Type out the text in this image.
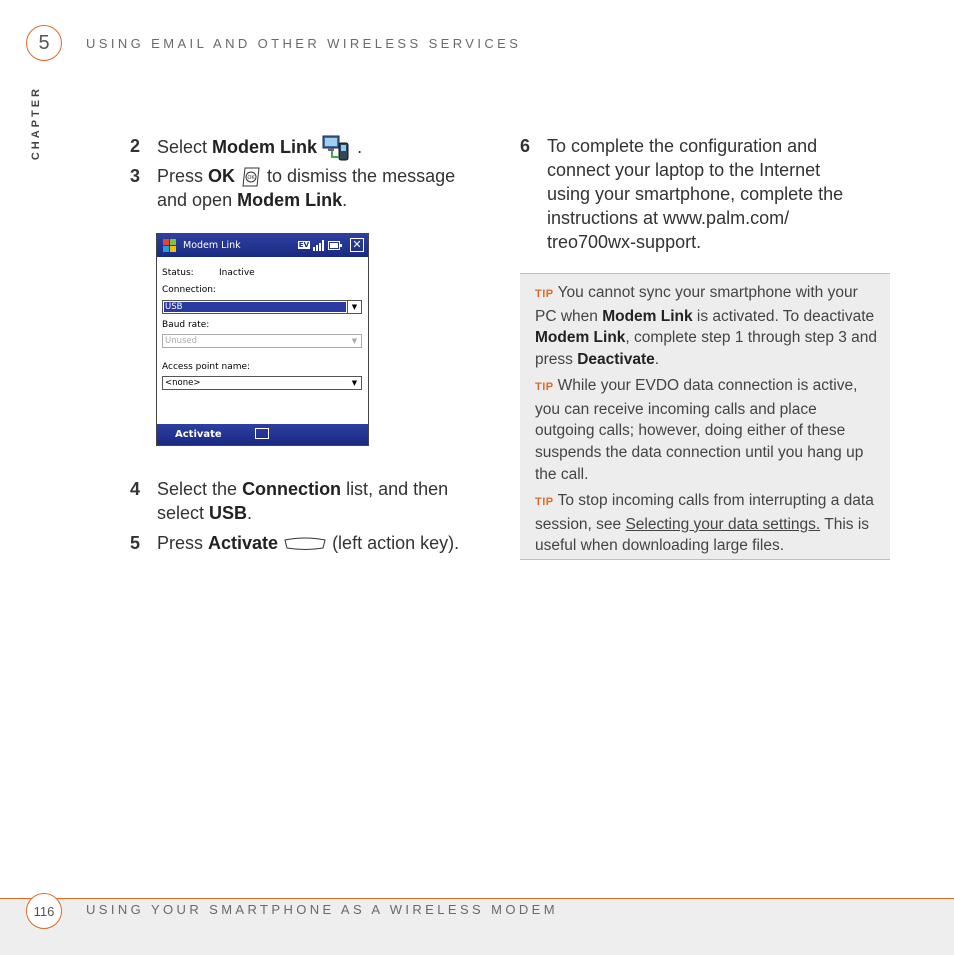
5	USING EMAIL AND OTHER WIRELESS SERVICES
CHAPTER	2 Select Modem Link  .
3 Press OK OK to dismiss the message
and open Modem Link.
Modem Link	EV	✕
Status:	Inactive
Connection:
USB	▼
Baud rate:
Unused	▼
Access point name:
<none>	▼
Activate
4 Select the Connection list, and then
select USB.
5 Press Activate	(left action key).
6 To complete the configuration and
connect your laptop to the Internet
using your smartphone, complete the
instructions at www.palm.com/
treo700wx-support.
TIP You cannot sync your smartphone with your PC when Modem Link is activated. To deactivate Modem Link, complete step 1 through step 3 and press Deactivate.
TIP While your EVDO data connection is active, you can receive incoming calls and place outgoing calls; however, doing either of these suspends the data connection until you hang up the call.
TIP To stop incoming calls from interrupting a data session, see Selecting your data settings. This is useful when downloading large files.
116 USING YOUR SMARTPHONE AS A WIRELESS MODEM
